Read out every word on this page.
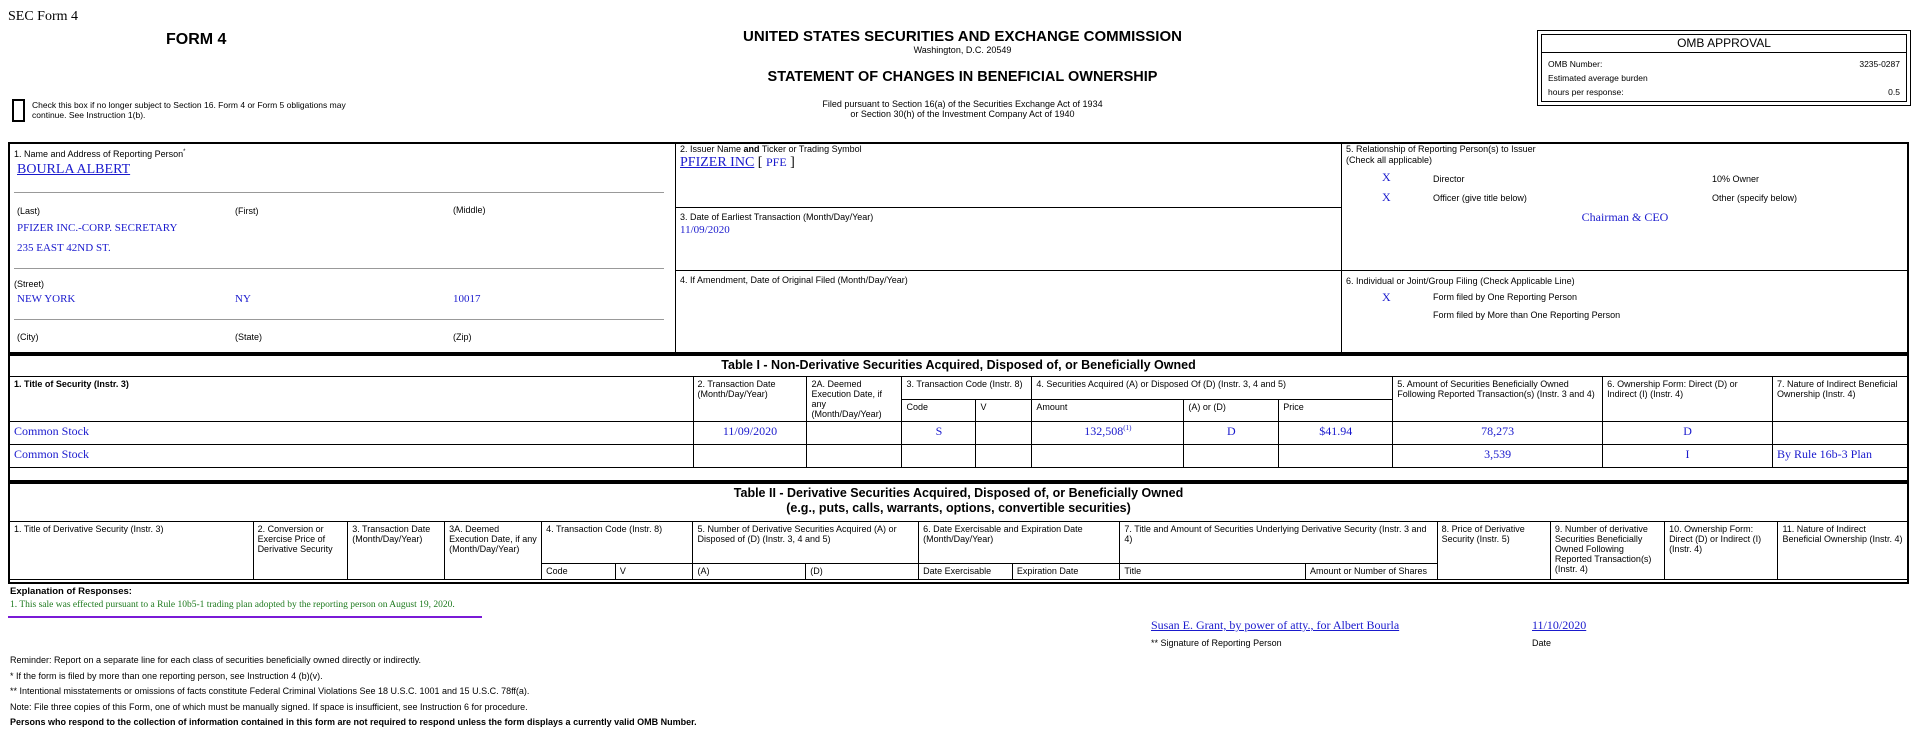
SEC Form 4
FORM 4	UNITED STATES SECURITIES AND EXCHANGE COMMISSION
Washington, D.C. 20549
STATEMENT OF CHANGES IN BENEFICIAL OWNERSHIP
Filed pursuant to Section 16(a) of the Securities Exchange Act of 1934
or Section 30(h) of the Investment Company Act of 1940
Check this box if no longer subject to Section 16. Form 4 or Form 5 obligations may
continue. See Instruction 1(b).
OMB APPROVAL
OMB Number:	3235-0287
Estimated average burden
hours per response:	0.5
1. Name and Address of Reporting Person*
BOURLA ALBERT
(Last)	(First)	(Middle)
PFIZER INC.-CORP. SECRETARY
235 EAST 42ND ST.
(Street)
NEW YORK	NY	10017
(City)	(State)	(Zip)
2. Issuer Name and Ticker or Trading Symbol
PFIZER INC [ PFE ]
3. Date of Earliest Transaction (Month/Day/Year)
11/09/2020
4. If Amendment, Date of Original Filed (Month/Day/Year)
5. Relationship of Reporting Person(s) to Issuer
(Check all applicable)
X	Director	10% Owner
X	Officer (give title below)	Other (specify below)
Chairman & CEO
6. Individual or Joint/Group Filing (Check Applicable Line)
X	Form filed by One Reporting Person
Form filed by More than One Reporting Person
Table I - Non-Derivative Securities Acquired, Disposed of, or Beneficially Owned
1. Title of Security (Instr. 3)	2. Transaction Date (Month/Day/Year)	2A. Deemed Execution Date, if any (Month/Day/Year)	3. Transaction Code (Instr. 8)		4. Securities Acquired (A) or Disposed Of (D) (Instr. 3, 4 and 5)			5. Amount of Securities Beneficially Owned Following Reported Transaction(s) (Instr. 3 and 4)	6. Ownership Form: Direct (D) or Indirect (I) (Instr. 4)	7. Nature of Indirect Beneficial Ownership (Instr. 4)
			Code	V	Amount	(A) or (D)	Price			
Common Stock	11/09/2020		S		132,508$^{(1)}$	D	$41.94	78,273	D	
Common Stock								3,539	I	By Rule 16b-3 Plan
Table II - Derivative Securities Acquired, Disposed of, or Beneficially Owned
(e.g., puts, calls, warrants, options, convertible securities)
1. Title of Derivative Security (Instr. 3)	2. Conversion or Exercise Price of Derivative Security	3. Transaction Date (Month/Day/Year)	3A. Deemed Execution Date, if any (Month/Day/Year)	4. Transaction Code (Instr. 8)		5. Number of Derivative Securities Acquired (A) or Disposed of (D) (Instr. 3, 4 and 5)		6. Date Exercisable and Expiration Date (Month/Day/Year)		7. Title and Amount of Securities Underlying Derivative Security (Instr. 3 and 4)		8. Price of Derivative Security (Instr. 5)	9. Number of derivative Securities Beneficially Owned Following Reported Transaction(s) (Instr. 4)	10. Ownership Form: Direct (D) or Indirect (I) (Instr. 4)	11. Nature of Indirect Beneficial Ownership (Instr. 4)
				Code	V	(A)	(D)	Date Exercisable	Expiration Date	Title	Amount or Number of Shares				
Explanation of Responses:
1. This sale was effected pursuant to a Rule 10b5-1 trading plan adopted by the reporting person on August 19, 2020.
Susan E. Grant, by power of atty., for Albert Bourla
** Signature of Reporting Person
11/10/2020
Date
Reminder: Report on a separate line for each class of securities beneficially owned directly or indirectly.
* If the form is filed by more than one reporting person, see Instruction 4 (b)(v).
** Intentional misstatements or omissions of facts constitute Federal Criminal Violations See 18 U.S.C. 1001 and 15 U.S.C. 78ff(a).
Note: File three copies of this Form, one of which must be manually signed. If space is insufficient, see Instruction 6 for procedure.
Persons who respond to the collection of information contained in this form are not required to respond unless the form displays a currently valid OMB Number.
